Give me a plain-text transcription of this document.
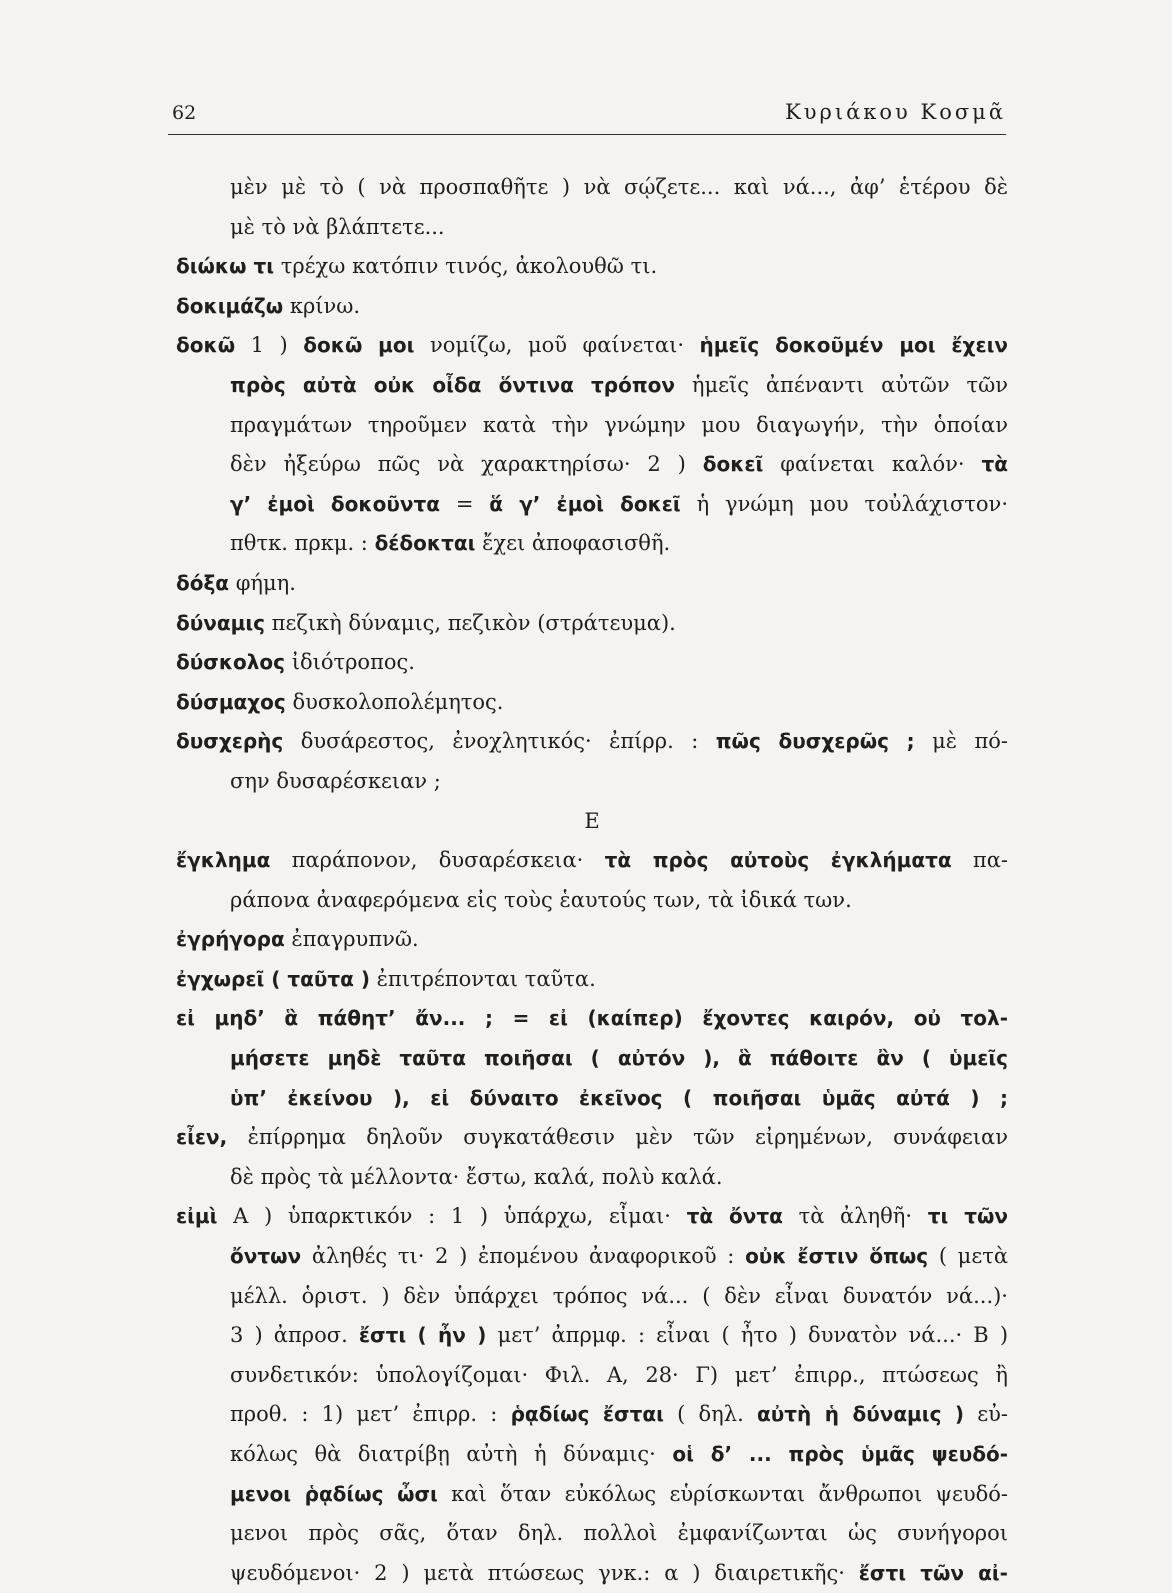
62	Κυριάκου Κοσμᾶ
μὲν μὲ τὸ ( νὰ προσπαθῆτε ) νὰ σῴζετε... καὶ νά..., ἀφ’ ἑτέρου δὲ
μὲ τὸ νὰ βλάπτετε...
διώκω τι τρέχω κατόπιν τινός, ἀκολουθῶ τι.
δοκιμάζω κρίνω.
δοκῶ 1 ) δοκῶ μοι νομίζω, μοῦ φαίνεται· ἡμεῖς δοκοῦμέν μοι ἔχειν
πρὸς αὐτὰ οὐκ οἶδα ὅντινα τρόπον ἡμεῖς ἀπέναντι αὐτῶν τῶν
πραγμάτων τηροῦμεν κατὰ τὴν γνώμην μου διαγωγήν, τὴν ὁποίαν
δὲν ἠξεύρω πῶς νὰ χαρακτηρίσω· 2 ) δοκεῖ φαίνεται καλόν· τὰ
γ’ ἐμοὶ δοκοῦντα = ἅ γ’ ἐμοὶ δοκεῖ ἡ γνώμη μου τοὐλάχιστον·
πθτκ. πρκμ. : δέδοκται ἔχει ἀποφασισθῆ.
δόξα φήμη.
δύναμις πεζικὴ δύναμις, πεζικὸν (στράτευμα).
δύσκολος ἰδιότροπος.
δύσμαχος δυσκολοπολέμητος.
δυσχερὴς δυσάρεστος, ἐνοχλητικός· ἐπίρρ. : πῶς δυσχερῶς ; μὲ πό-
σην δυσαρέσκειαν ;
Ε
ἔγκλημα παράπονον, δυσαρέσκεια· τὰ πρὸς αὐτοὺς ἐγκλήματα πα-
ράπονα ἀναφερόμενα εἰς τοὺς ἑαυτούς των, τὰ ἰδικά των.
ἐγρήγορα ἐπαγρυπνῶ.
ἐγχωρεῖ ( ταῦτα ) ἐπιτρέπονται ταῦτα.
εἰ μηδ’ ἃ πάθητ’ ἄν... ; = εἰ (καίπερ) ἔχοντες καιρόν, οὐ τολ-
μήσετε μηδὲ ταῦτα ποιῆσαι ( αὐτόν ), ἃ πάθοιτε ἂν ( ὑμεῖς
ὑπ’ ἐκείνου ), εἰ δύναιτο ἐκεῖνος ( ποιῆσαι ὑμᾶς αὐτά ) ;
εἶεν, ἐπίρρημα δηλοῦν συγκατάθεσιν μὲν τῶν εἰρημένων, συνάφειαν
δὲ πρὸς τὰ μέλλοντα· ἔστω, καλά, πολὺ καλά.
εἰμὶ Α ) ὑπαρκτικόν : 1 ) ὑπάρχω, εἶμαι· τὰ ὄντα τὰ ἀληθῆ· τι τῶν
ὄντων ἀληθές τι· 2 ) ἐπομένου ἀναφορικοῦ : οὐκ ἔστιν ὅπως ( μετὰ
μέλλ. ὁριστ. ) δὲν ὑπάρχει τρόπος νά... ( δὲν εἶναι δυνατόν νά...)·
3 ) ἀπροσ. ἔστι ( ἦν ) μετ’ ἀπρμφ. : εἶναι ( ἦτο ) δυνατὸν νά...· Β )
συνδετικόν: ὑπολογίζομαι· Φιλ. Α, 28· Γ) μετ’ ἐπιρρ., πτώσεως ἢ
προθ. : 1) μετ’ ἐπιρρ. : ῥᾳδίως ἔσται ( δηλ. αὐτὴ ἡ δύναμις ) εὐ-
κόλως θὰ διατρίβῃ αὐτὴ ἡ δύναμις· οἱ δ’ ... πρὸς ὑμᾶς ψευδό-
μενοι ῥᾳδίως ὦσι καὶ ὅταν εὐκόλως εὑρίσκωνται ἄνθρωποι ψευδό-
μενοι πρὸς σᾶς, ὅταν δηλ. πολλοὶ ἐμφανίζωνται ὡς συνήγοροι
ψευδόμενοι· 2 ) μετὰ πτώσεως γνκ.: α ) διαιρετικῆς· ἔστι τῶν αἰ-
